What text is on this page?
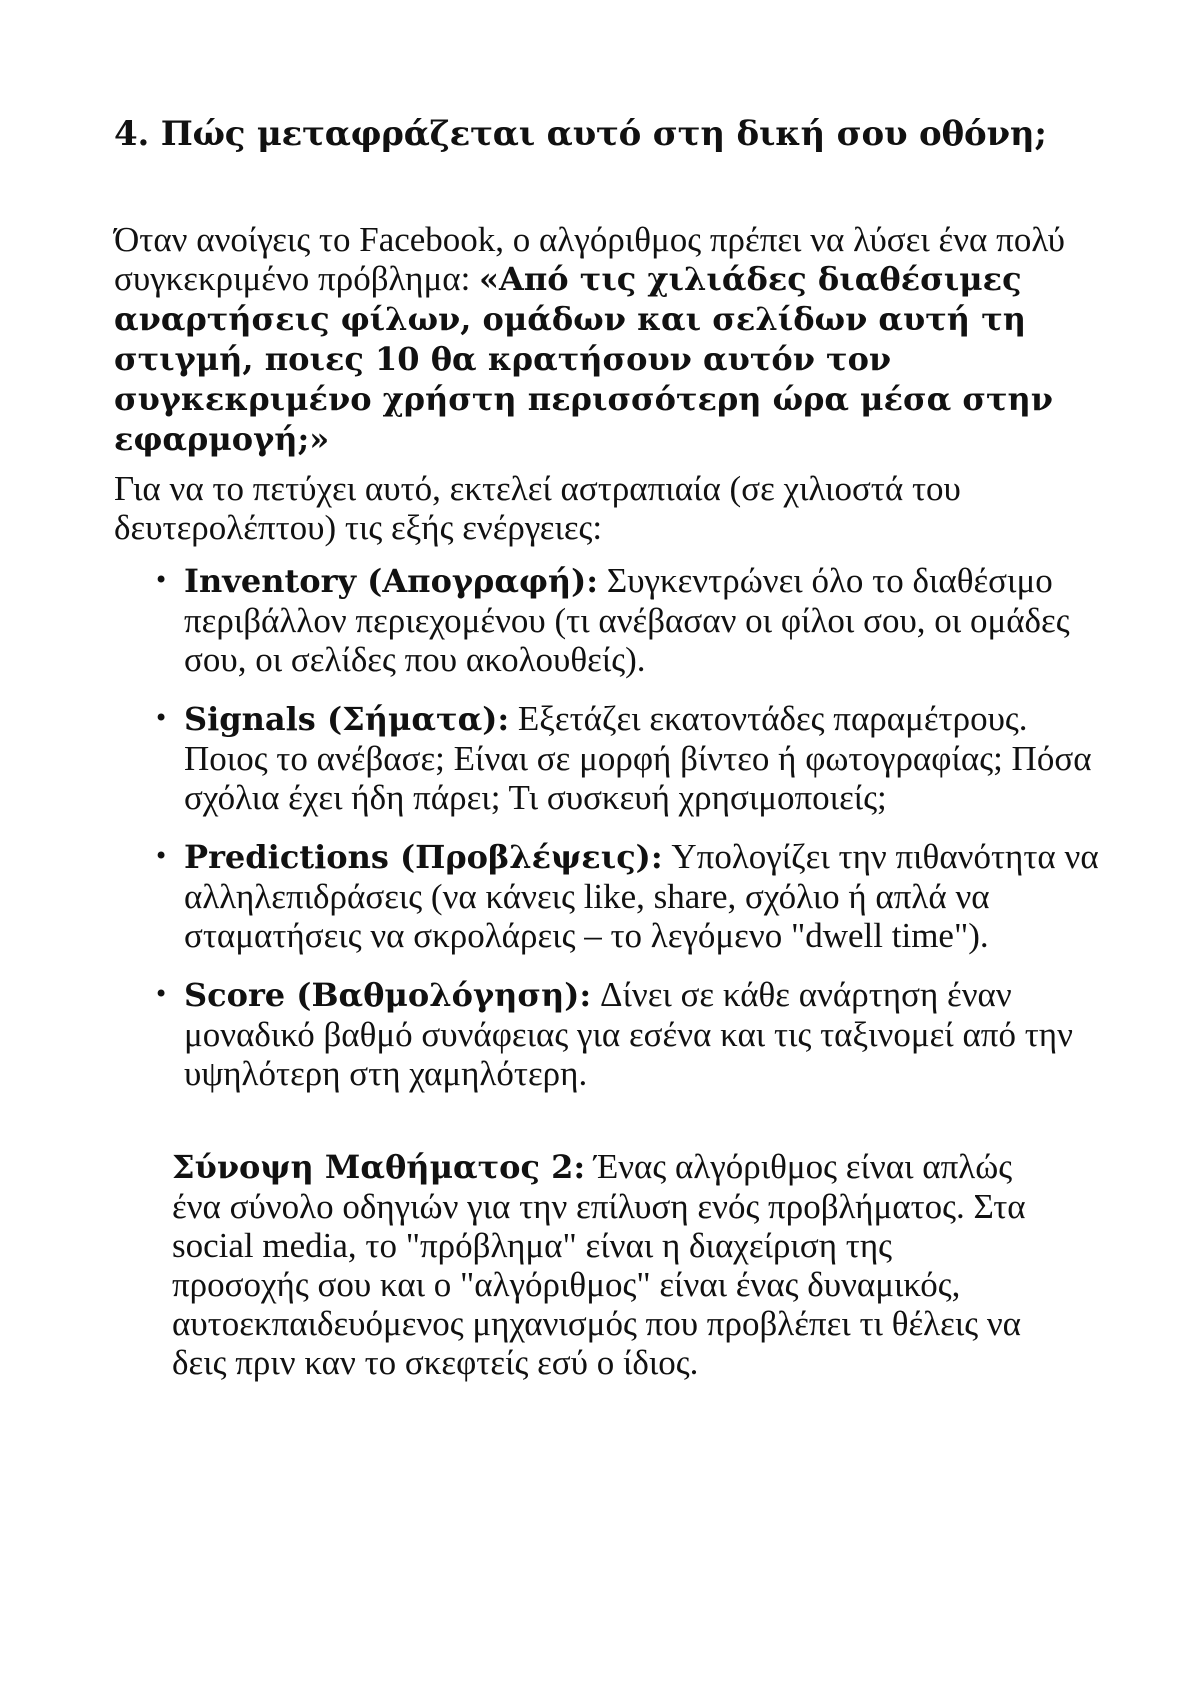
4. Πώς μεταφράζεται αυτό στη δική σου οθόνη;

Όταν ανοίγεις το Facebook, ο αλγόριθμος πρέπει να λύσει ένα πολύ συγκεκριμένο πρόβλημα: «Από τις χιλιάδες διαθέσιμες αναρτήσεις φίλων, ομάδων και σελίδων αυτή τη στιγμή, ποιες 10 θα κρατήσουν αυτόν τον συγκεκριμένο χρήστη περισσότερη ώρα μέσα στην εφαρμογή;»

Για να το πετύχει αυτό, εκτελεί αστραπιαία (σε χιλιοστά του δευτερολέπτου) τις εξής ενέργειες:

• Inventory (Απογραφή): Συγκεντρώνει όλο το διαθέσιμο περιβάλλον περιεχομένου (τι ανέβασαν οι φίλοι σου, οι ομάδες σου, οι σελίδες που ακολουθείς).
• Signals (Σήματα): Εξετάζει εκατοντάδες παραμέτρους. Ποιος το ανέβασε; Είναι σε μορφή βίντεο ή φωτογραφίας; Πόσα σχόλια έχει ήδη πάρει; Τι συσκευή χρησιμοποιείς;
• Predictions (Προβλέψεις): Υπολογίζει την πιθανότητα να αλληλεπιδράσεις (να κάνεις like, share, σχόλιο ή απλά να σταματήσεις να σκρολάρεις – το λεγόμενο "dwell time").
• Score (Βαθμολόγηση): Δίνει σε κάθε ανάρτηση έναν μοναδικό βαθμό συνάφειας για εσένα και τις ταξινομεί από την υψηλότερη στη χαμηλότερη.

Σύνοψη Μαθήματος 2: Ένας αλγόριθμος είναι απλώς ένα σύνολο οδηγιών για την επίλυση ενός προβλήματος. Στα social media, το "πρόβλημα" είναι η διαχείριση της προσοχής σου και ο "αλγόριθμος" είναι ένας δυναμικός, αυτοεκπαιδευόμενος μηχανισμός που προβλέπει τι θέλεις να δεις πριν καν το σκεφτείς εσύ ο ίδιος.
